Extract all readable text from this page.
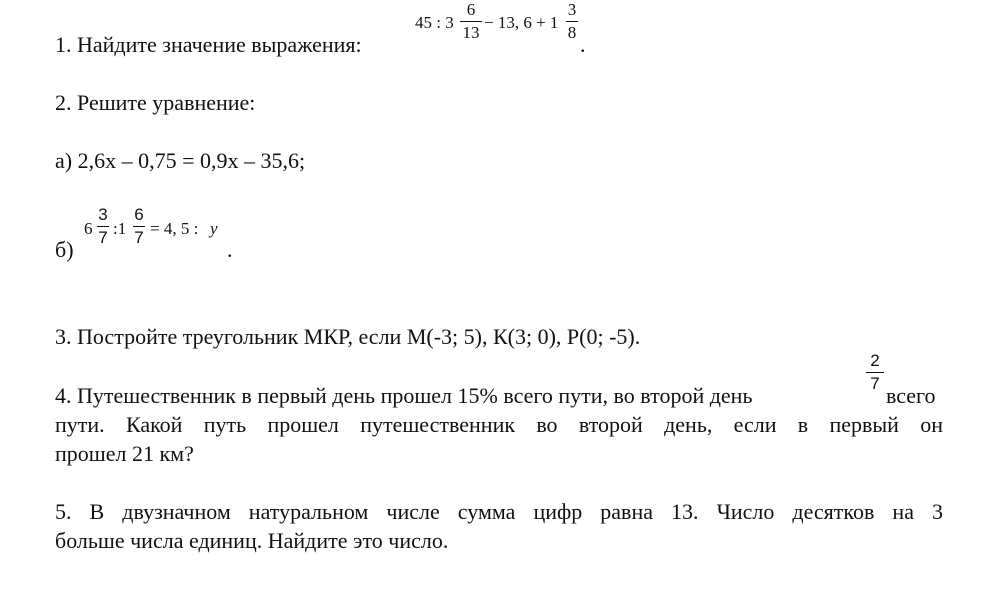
1. Найдите значение выражения:
45 : 3
6
13
− 13, 6 + 1
3
8 .
2. Решите уравнение:
а) 2,6х – 0,75 = 0,9х – 35,6;
б)
6
3
7 :1
6
7 = 4, 5 : y
.
3. Постройте треугольник МКР, если М(-3; 5), К(3; 0), Р(0; -5).
4. Путешественник в первый день прошел 15% всего пути, во второй день
2
7 всего
пути. Какой путь прошел путешественник во второй день, если в первый он
прошел 21 км?
5. В двузначном натуральном числе сумма цифр равна 13. Число десятков на 3
больше числа единиц. Найдите это число.
